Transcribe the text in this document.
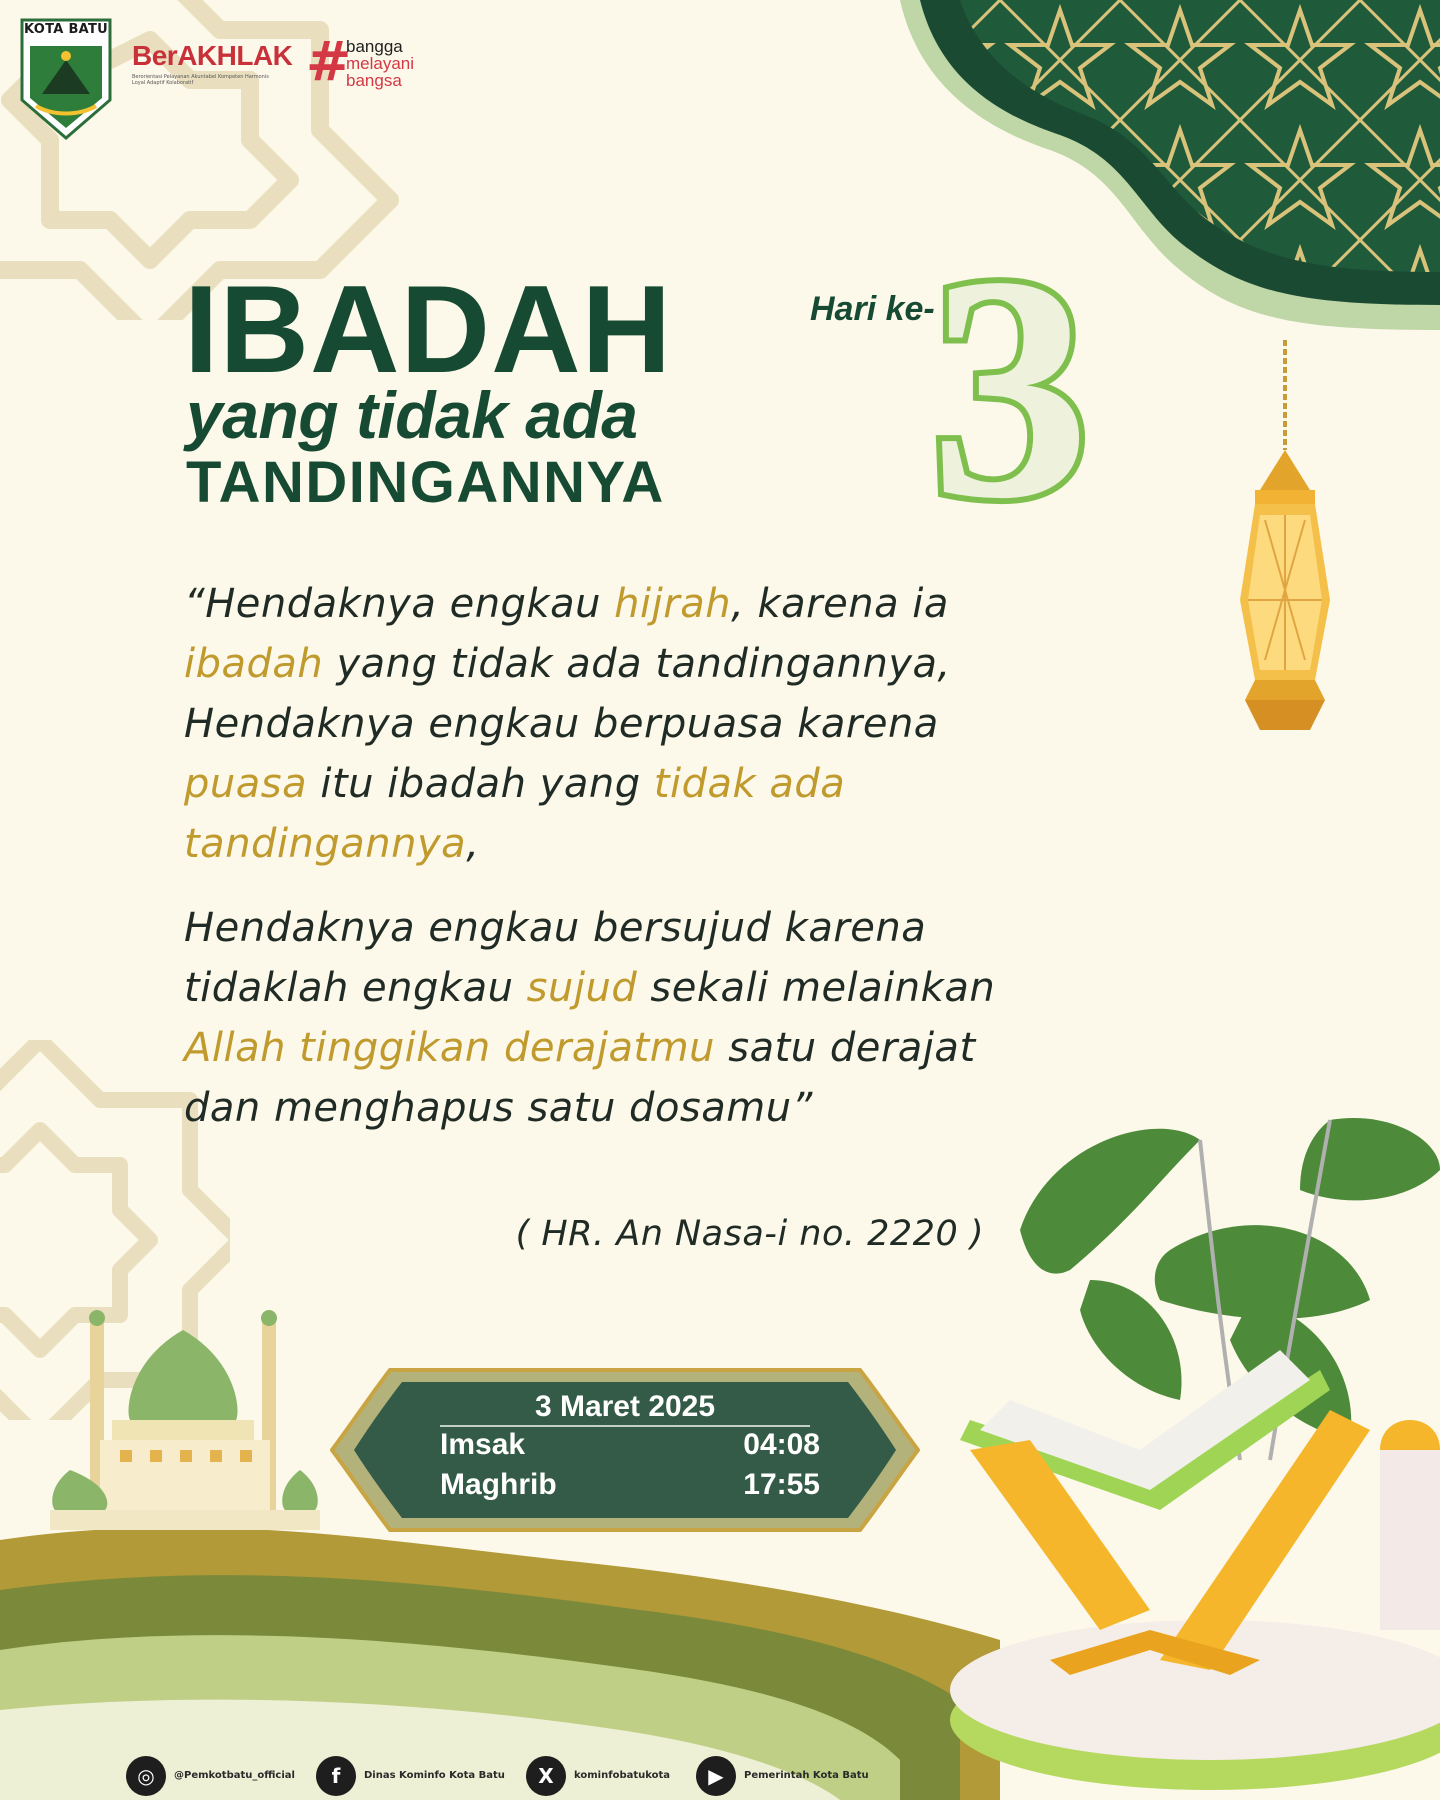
KOTA BATU
BerAKHLAK
Berorientasi Pelayanan Akuntabel Kompeten Harmonis Loyal Adaptif Kolaboratif	#
bangga
melayani
bangsa
IBADAH
yang tidak ada
TANDINGANNYA
Hari ke-
3

“Hendaknya engkau hijrah, karena ia ibadah yang tidak ada tandingannya, Hendaknya engkau berpuasa karena puasa itu ibadah yang tidak ada tandingannya,

Hendaknya engkau bersujud karena tidaklah engkau sujud sekali melainkan Allah tinggikan derajatmu satu derajat dan menghapus satu dosamu”

( HR. An Nasa-i no. 2220 )
3 Maret 2025
Imsak	04:08
Maghrib	17:55
◎	@Pemkotbatu_official	f	Dinas Kominfo Kota Batu	X	kominfobatukota	▶	Pemerintah Kota Batu
